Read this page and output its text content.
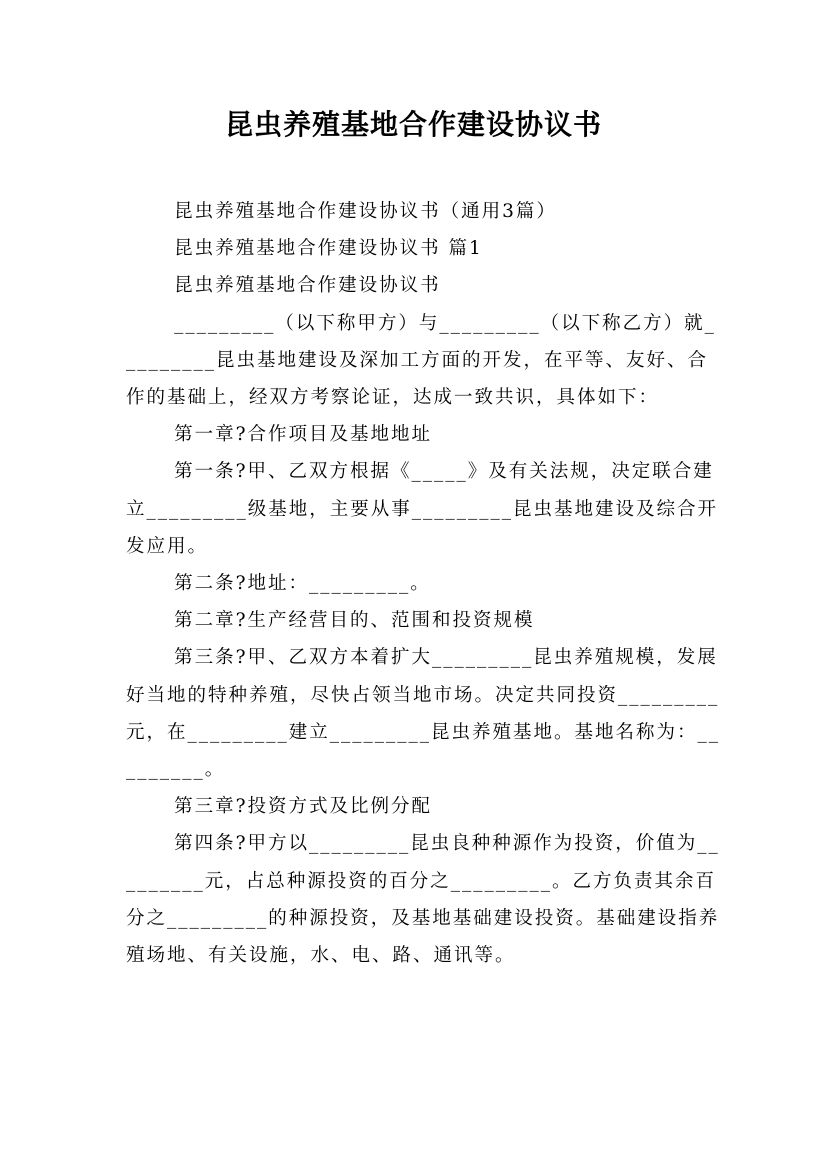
昆虫养殖基地合作建设协议书

昆虫养殖基地合作建设协议书（通用3篇）

昆虫养殖基地合作建设协议书 篇1

昆虫养殖基地合作建设协议书

_________（以下称甲方）与_________（以下称乙方）就_________昆虫基地建设及深加工方面的开发，在平等、友好、合作的基础上，经双方考察论证，达成一致共识，具体如下：

第一章?合作项目及基地地址

第一条?甲、乙双方根据《_____》及有关法规，决定联合建立_________级基地，主要从事_________昆虫基地建设及综合开发应用。

第二条?地址：_________。

第二章?生产经营目的、范围和投资规模

第三条?甲、乙双方本着扩大_________昆虫养殖规模，发展好当地的特种养殖，尽快占领当地市场。决定共同投资_________元，在_________建立_________昆虫养殖基地。基地名称为：_________。

第三章?投资方式及比例分配

第四条?甲方以_________昆虫良种种源作为投资，价值为_________元，占总种源投资的百分之_________。乙方负责其余百分之_________的种源投资，及基地基础建设投资。基础建设指养殖场地、有关设施，水、电、路、通讯等。
